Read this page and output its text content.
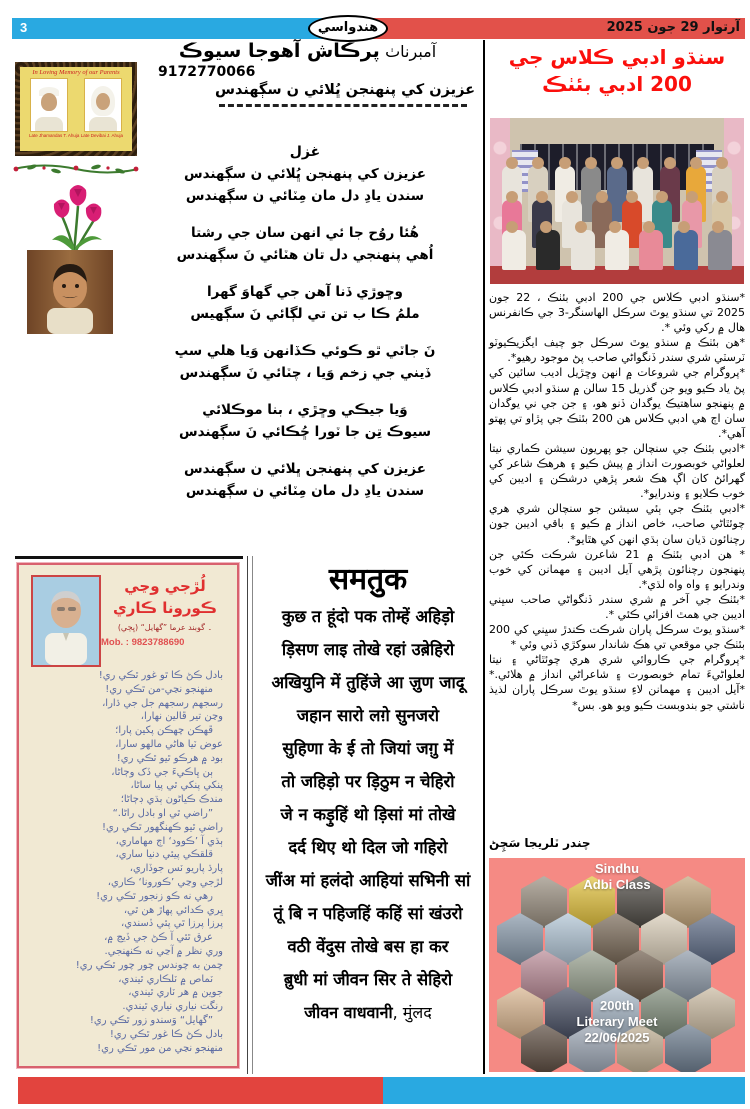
3	هندواسي	آرتوار 29 جون 2025
In Loving Memory of our Parents
Late Jhamandas T. Ahuja Late Devibai J. Ahuja
آمبرناٺ پرڪاش آهوجا سيوڪ
9172770066
عزيزن کي پنهنجن ڀُلائي ن سڳهندس
غزل
عزيزن کي پنهنجن ڀُلائي ن سڳهندس
سندن يادِ دل مان مِٽائي ن سڳهندس

هُئا روُح جا ئي انهن سان جي رشتا
اُهي پنهنجي دل تان هٽائي نَ سڳهندس

وڇوڙي ڏنا آهن جي گهاوَ گهرا
ملمُ ڪا ب تن تي لڳائي نَ سڳهيس

نَ جاٽي ٿو ڪوئي ڪڏانهن وَيا هلي سڀ
ڏيني جي زخم وَيا ، چٽائي نَ سڳهندس

وَيا جيڪي وڇڙي ، بنا موڪلائي
سيوڪ تِن جا ٽورا ڇُڪائي نَ سڳهندس

عزيزن کي پنهنجن ڀلائي ن سڳهندس
سندن يادِ دل مان مِٽائي ن سڳهندس
لُڙجي وڃي
ڪورونا ڪاري
۔ گوبند عرما ”گهايل“ (ڀڄي)
Mob. : 9823788690
بادل ڪڻ ڪا ٿو غور ٿڪي ري!
منهنجو نڃي-من ٿڪي ري!
رسجهم رسجهم جل جي ڌارا،
وڃن تير ڦالين نهارا،
ڦهڪن چهڪن پکين پارا؛
عوض ٽيا هاڻي مالهو سارا،
بود ۾ هرڪو ٿيو ٿڪي ري!
ٻن ڀاڪيءَ جي ڏک وڄاڻا،
پنکي پنکي ٿي پيا ساڻا،
مندڪ ڪياڻون ٻڌي ڊڄاڻا؛
”راضي ٿي او بادل راڻا.“
راضي ٿيو ڪهنگهور ٿڪي ري!
ٻڌي آ ’ڪوود‘ اڄ مهاماري،
قلقڪي پيئي دنيا ساري،
پارڌ پاريو ٽس جوڏاري،
لڙجي وڃي ’ڪورونا‘ ڪاري،
رهي نه ڪو زنجور ٿڪي ري!
ڀري ڪدائي پهاڙ هن ٿي،
پرزا پرزا ٿي پئي ڏسندي،
عرق ٿئي آ ڪڻ جي ڏيڃ ۾،
وري نظر ۾ آڃي نه ڪنهنجي.
چمن به چوندس چور چور ٿڪي ري!
ٽماص ۾ ٽلڪاري ٿيندي،
جوين ۾ هر ٽاري ٿيندي،
رنگت نياري نياري ٿيندي.
”گهايل“ وَسندو زور ٿڪي ري!
بادل ڪڻ ڪا غور ٿڪي ري!
منهنجو نڃي من مور ٿڪي ري!
समतुक
कुछ त हूंदो पक तोम्हें अहिड़ो
ड़िसण लाइ तोखे रहां उबे़हिरो
अखियुनि में तुहिंजे आ जु़ण जादू
जहान सारो लगे़ सुनजरो
सुहिणा के ई तो जियां जगु़ में
तो जहिड़ो पर ड़िठुम न चेहिरो
जे न कड़ुहिं थो ड़िसां मां तोखे
दर्द थिए थो दिल जो गहिरो
जींअ मां हलंदो आहियां सभिनी सां
तूं बि न पहिजहिं कहिं सां खंउरो
वठी वेंदुस तोखे बस हा कर
बु़धी मां जीवन सिर ते सेहिरो
जीवन वाधवानी, मुंलद
سنڌو ادبي ڪلاس جي
200 ادبي بئٺڪ
*سنڌو ادبي ڪلاس جي 200 ادبي بئٺڪ ، 22 جون 2025 تي سنڌو يوٿ سرڪل الهاسنگر-3 جي ڪانفرنس هال ۾ رکي وئي *.
*هن بئٺڪ ۾ سنڌو يوٿ سرڪل جو چيف ايگزيڪيوٽو ٽرسٽي شري سندر ڏنگواڻي صاحب پڻ موجود رهيو*.
*پروگرام جي شروعات ۾ انهن وڇڙيل اديب سائين کي پڻ ياد ڪيو ويو جن گذريل 15 سالن ۾ سنڌو ادبي ڪلاس ۾ پنهنجو ساهتيڪ يوگدان ڏنو هو، ۽ جن جي ني يوگدان سان اڄ هي ادبي ڪلاس هن 200 بئٺڪ جي پڙاو تي پهتو آهي*.
*ادبي بئٺڪ جي سنچالن جو پهريون سيشن ڪماري نيتا لعلواڻي خوبصورت انداز ۾ پيش ڪيو ۽ هرهڪ شاعر کي گهرائڻ کان اڳ هڪ شعر پڙهي درشڪن ۽ اديبن کي خوب ڪلايو ۽ وندرايو*.
*ادبي بئٺڪ جي ٻئي سيشن جو سنچالن شري هري چوئٿاڻي صاحب، خاص انداز ۾ ڪيو ۽ باقي اديبن جون رچنائون ڌيان سان ٻڌي انهن کي هٿايو*.
* هن ادبي بئٺڪ ۾ 21 شاعرن شرڪت ڪئي جن پنهنجون رچنائون پڙهي آيل اديبن ۽ مهمانن کي خوب وندرايو ۽ واه واه لڌي*.
*بئٺڪ جي آخر ۾ شري سندر ڏنگواڻي صاحب سڀني اديبن جي همٿ افزائي ڪئي *.
*سنڌو يوٿ سرڪل پاران شرڪت ڪندڙ سڀني کي 200 بئٺڪ جي موقعي تي هڪ شاندار سوکڙي ڏني وئي *
*پروگرام جي ڪاروائي شري هري چوئٿاڻي ۽ نيتا لعلواڻيءَ تمام خوبصورت ۽ شاعراڻي انداز ۾ هلائي.* *آيل اديبن ۽ مهمانن لاءِ سنڌو يوٿ سرڪل پاران لذيذ ناشتي جو بندوبست ڪيو ويو هو. بس*
چندر ٽلريجا سَچِڻ
Sindhu
Adbi Class
200th
Literary Meet
22/06/2025
